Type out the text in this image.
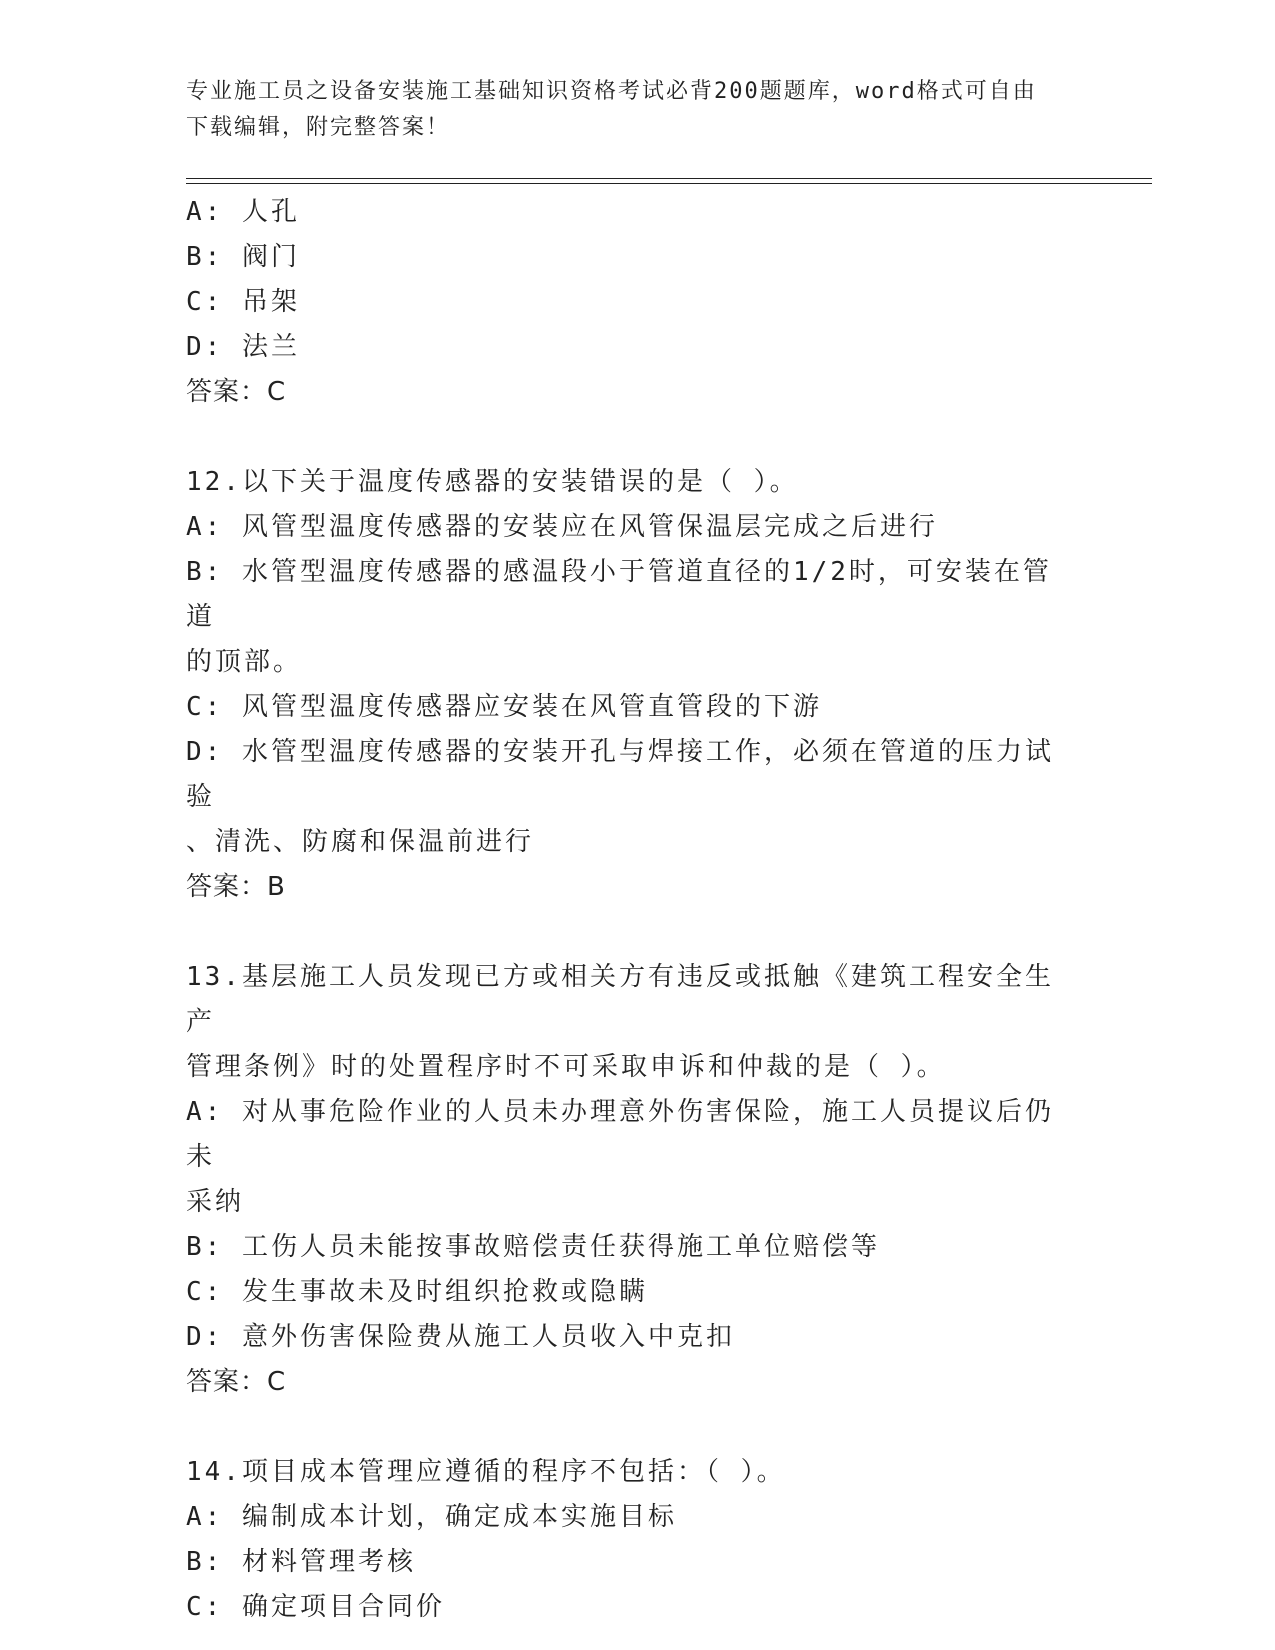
专业施工员之设备安装施工基础知识资格考试必背200题题库，word格式可自由
下载编辑，附完整答案！
A: 人孔
B: 阀门
C: 吊架
D: 法兰
答案：C
12.以下关于温度传感器的安装错误的是（ ）。
A: 风管型温度传感器的安装应在风管保温层完成之后进行
B: 水管型温度传感器的感温段小于管道直径的1/2时，可安装在管道
的顶部。
C: 风管型温度传感器应安装在风管直管段的下游
D: 水管型温度传感器的安装开孔与焊接工作，必须在管道的压力试验
、清洗、防腐和保温前进行
答案：B
13.基层施工人员发现已方或相关方有违反或抵触《建筑工程安全生产
管理条例》时的处置程序时不可采取申诉和仲裁的是（ ）。
A: 对从事危险作业的人员未办理意外伤害保险，施工人员提议后仍未
采纳
B: 工伤人员未能按事故赔偿责任获得施工单位赔偿等
C: 发生事故未及时组织抢救或隐瞒
D: 意外伤害保险费从施工人员收入中克扣
答案：C
14.项目成本管理应遵循的程序不包括：（ ）。
A: 编制成本计划，确定成本实施目标
B: 材料管理考核
C: 确定项目合同价
